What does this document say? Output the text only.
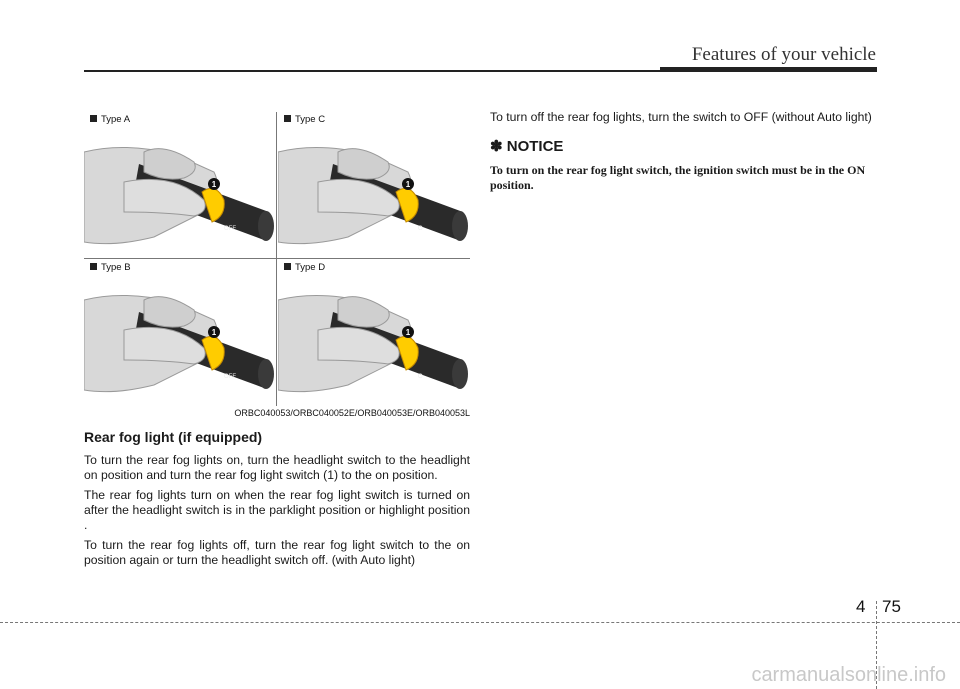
Features of your vehicle
Type A
1
OFF
Type C
1
O
Type B
1
OFF
Type D
1
O
ORBC040053/ORBC040052E/ORB040053E/ORB040053L
Rear fog light (if equipped)

To turn the rear fog lights on, turn the headlight switch to the headlight on position and turn the rear fog light switch (1) to the on position.

The rear fog lights turn on when the rear fog light switch is turned on after the headlight switch is in the parklight position or highlight position .

To turn the rear fog lights off, turn the rear fog light switch to the on position again or turn the headlight switch off. (with Auto light)

To turn off the rear fog lights, turn the switch to OFF (without Auto light)

✽ NOTICE
To turn on the rear fog light switch, the ignition switch must be in the ON position.
4 75
carmanualsonline.info
